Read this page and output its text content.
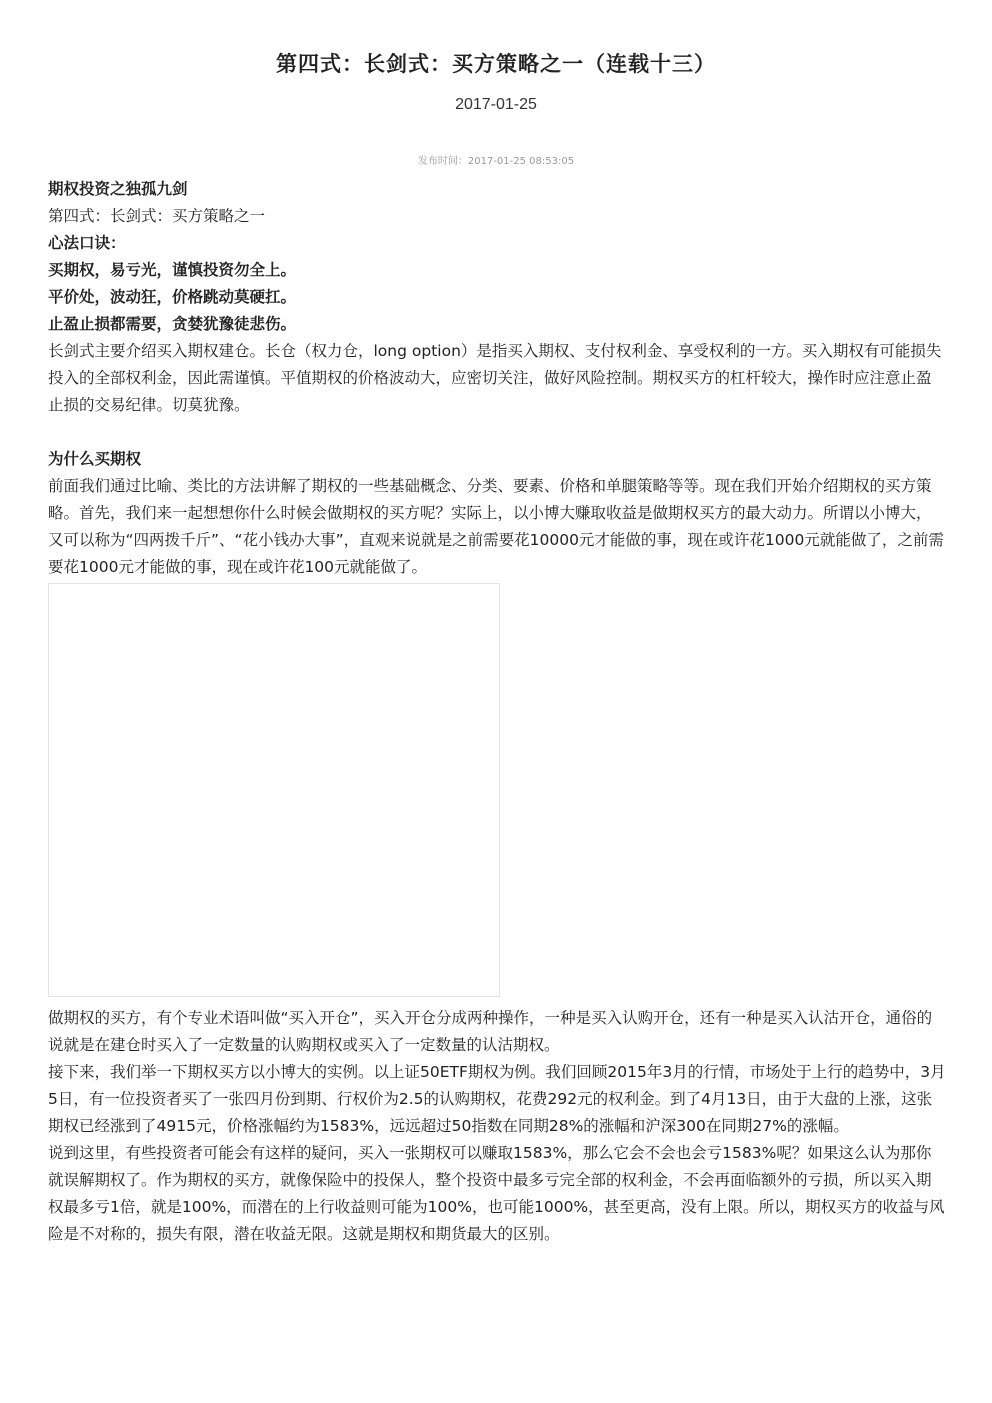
第四式：长剑式：买方策略之一（连载十三）
2017-01-25
发布时间：2017-01-25 08:53:05

期权投资之独孤九剑

第四式：长剑式：买方策略之一

心法口诀：

买期权，易亏光，谨慎投资勿全上。

平价处，波动狂，价格跳动莫硬扛。

止盈止损都需要，贪婪犹豫徒悲伤。

长剑式主要介绍买入期权建仓。长仓（权力仓，long option）是指买入期权、支付权利金、享受权利的一方。买入期权有可能损失投入的全部权利金，因此需谨慎。平值期权的价格波动大，应密切关注，做好风险控制。期权买方的杠杆较大，操作时应注意止盈止损的交易纪律。切莫犹豫。

为什么买期权

前面我们通过比喻、类比的方法讲解了期权的一些基础概念、分类、要素、价格和单腿策略等等。现在我们开始介绍期权的买方策略。首先，我们来一起想想你什么时候会做期权的买方呢？实际上，以小博大赚取收益是做期权买方的最大动力。所谓以小博大，又可以称为“四两拨千斤”、“花小钱办大事”，直观来说就是之前需要花10000元才能做的事，现在或许花1000元就能做了，之前需要花1000元才能做的事，现在或许花100元就能做了。

做期权的买方，有个专业术语叫做“买入开仓”，买入开仓分成两种操作，一种是买入认购开仓，还有一种是买入认沽开仓，通俗的说就是在建仓时买入了一定数量的认购期权或买入了一定数量的认沽期权。

接下来，我们举一下期权买方以小博大的实例。以上证50ETF期权为例。我们回顾2015年3月的行情，市场处于上行的趋势中，3月5日，有一位投资者买了一张四月份到期、行权价为2.5的认购期权，花费292元的权利金。到了4月13日，由于大盘的上涨，这张期权已经涨到了4915元，价格涨幅约为1583%，远远超过50指数在同期28%的涨幅和沪深300在同期27%的涨幅。

说到这里，有些投资者可能会有这样的疑问，买入一张期权可以赚取1583%，那么它会不会也会亏1583%呢？如果这么认为那你就误解期权了。作为期权的买方，就像保险中的投保人，整个投资中最多亏完全部的权利金，不会再面临额外的亏损，所以买入期权最多亏1倍，就是100%，而潜在的上行收益则可能为100%，也可能1000%，甚至更高，没有上限。所以，期权买方的收益与风险是不对称的，损失有限，潜在收益无限。这就是期权和期货最大的区别。
